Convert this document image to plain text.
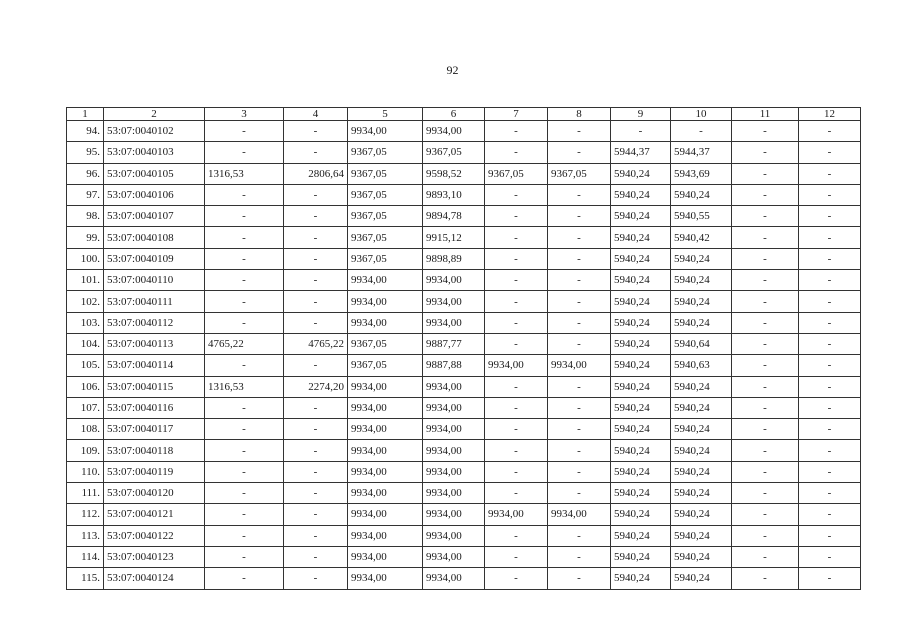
92
1	2	3	4	5	6	7	8	9	10	11	12
94.	53:07:0040102	-	-	9934,00	9934,00	-	-	-	-	-	-
95.	53:07:0040103	-	-	9367,05	9367,05	-	-	5944,37	5944,37	-	-
96.	53:07:0040105	1316,53	2806,64	9367,05	9598,52	9367,05	9367,05	5940,24	5943,69	-	-
97.	53:07:0040106	-	-	9367,05	9893,10	-	-	5940,24	5940,24	-	-
98.	53:07:0040107	-	-	9367,05	9894,78	-	-	5940,24	5940,55	-	-
99.	53:07:0040108	-	-	9367,05	9915,12	-	-	5940,24	5940,42	-	-
100.	53:07:0040109	-	-	9367,05	9898,89	-	-	5940,24	5940,24	-	-
101.	53:07:0040110	-	-	9934,00	9934,00	-	-	5940,24	5940,24	-	-
102.	53:07:0040111	-	-	9934,00	9934,00	-	-	5940,24	5940,24	-	-
103.	53:07:0040112	-	-	9934,00	9934,00	-	-	5940,24	5940,24	-	-
104.	53:07:0040113	4765,22	4765,22	9367,05	9887,77	-	-	5940,24	5940,64	-	-
105.	53:07:0040114	-	-	9367,05	9887,88	9934,00	9934,00	5940,24	5940,63	-	-
106.	53:07:0040115	1316,53	2274,20	9934,00	9934,00	-	-	5940,24	5940,24	-	-
107.	53:07:0040116	-	-	9934,00	9934,00	-	-	5940,24	5940,24	-	-
108.	53:07:0040117	-	-	9934,00	9934,00	-	-	5940,24	5940,24	-	-
109.	53:07:0040118	-	-	9934,00	9934,00	-	-	5940,24	5940,24	-	-
110.	53:07:0040119	-	-	9934,00	9934,00	-	-	5940,24	5940,24	-	-
111.	53:07:0040120	-	-	9934,00	9934,00	-	-	5940,24	5940,24	-	-
112.	53:07:0040121	-	-	9934,00	9934,00	9934,00	9934,00	5940,24	5940,24	-	-
113.	53:07:0040122	-	-	9934,00	9934,00	-	-	5940,24	5940,24	-	-
114.	53:07:0040123	-	-	9934,00	9934,00	-	-	5940,24	5940,24	-	-
115.	53:07:0040124	-	-	9934,00	9934,00	-	-	5940,24	5940,24	-	-
